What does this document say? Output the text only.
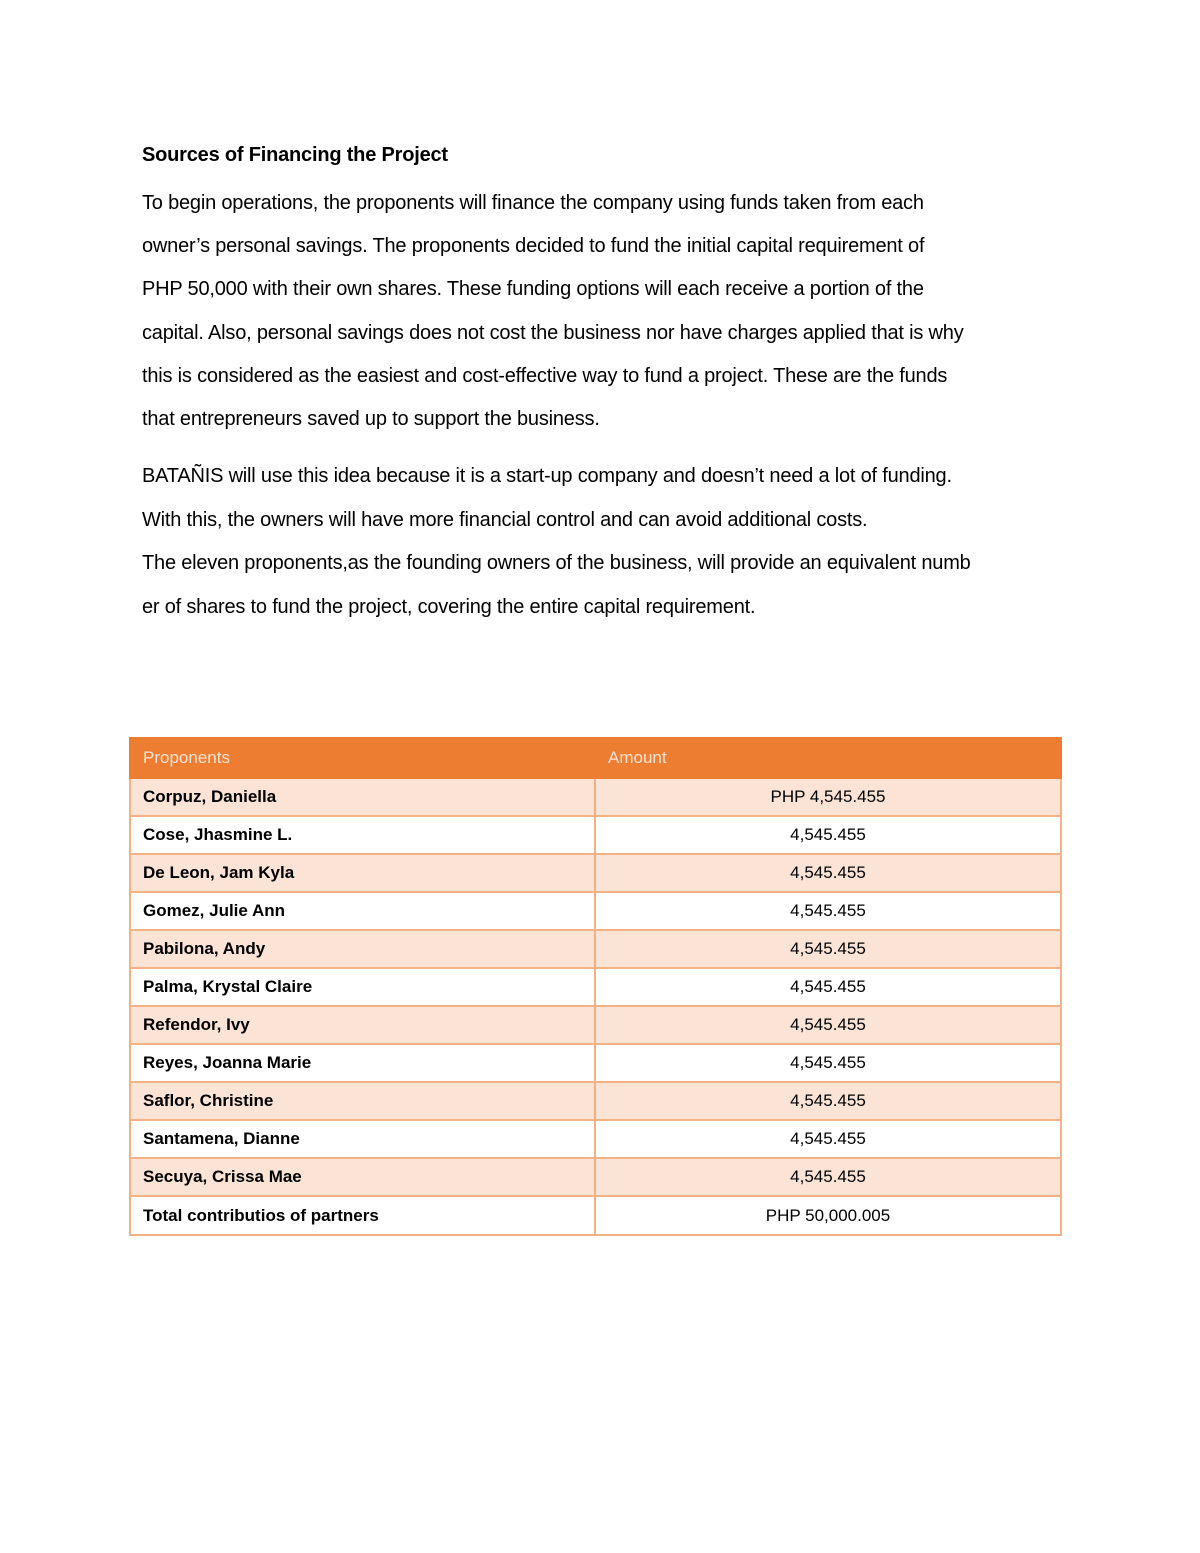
Sources of Financing the Project
To begin operations, the proponents will finance the company using funds taken from each
owner’s personal savings. The proponents decided to fund the initial capital requirement of
PHP 50,000 with their own shares. These funding options will each receive a portion of the
capital. Also, personal savings does not cost the business nor have charges applied that is why
this is considered as the easiest and cost-effective way to fund a project. These are the funds
that entrepreneurs saved up to support the business.
BATAÑIS will use this idea because it is a start-up company and doesn’t need a lot of funding.
With this, the owners will have more financial control and can avoid additional costs.
The eleven proponents,as the founding owners of the business, will provide an equivalent numb
er of shares to fund the project, covering the entire capital requirement.
Proponents	Amount
Corpuz, Daniella	PHP 4,545.455
Cose, Jhasmine L.	4,545.455
De Leon, Jam Kyla	4,545.455
Gomez, Julie Ann	4,545.455
Pabilona, Andy	4,545.455
Palma, Krystal Claire	4,545.455
Refendor, Ivy	4,545.455
Reyes, Joanna Marie	4,545.455
Saflor, Christine	4,545.455
Santamena, Dianne	4,545.455
Secuya, Crissa Mae	4,545.455
Total contributios of partners	PHP 50,000.005
